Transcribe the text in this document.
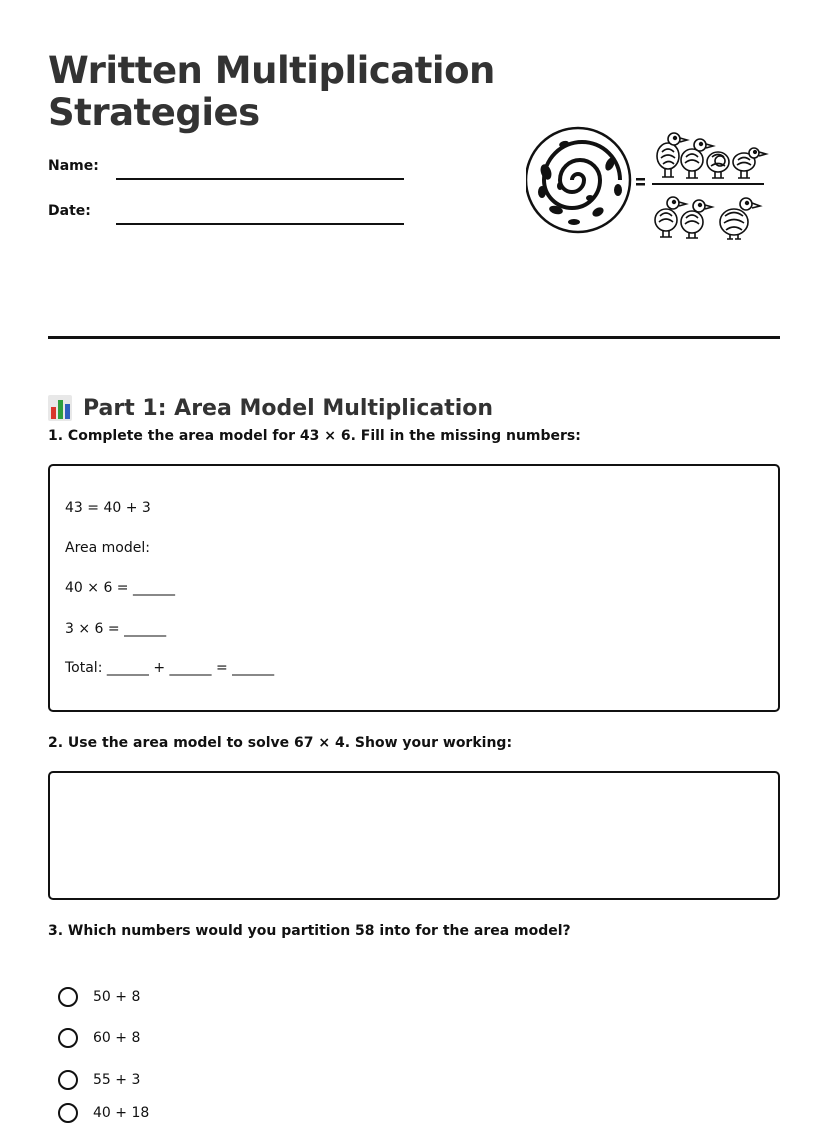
Written Multiplication Strategies
Name:
Date:
Part 1: Area Model Multiplication
1. Complete the area model for 43 × 6. Fill in the missing numbers:
43 = 40 + 3
Area model:
40 × 6 = ______
3 × 6 = ______
Total: ______ + ______ = ______
2. Use the area model to solve 67 × 4. Show your working:
3. Which numbers would you partition 58 into for the area model?
50 + 8
60 + 8
55 + 3
40 + 18
